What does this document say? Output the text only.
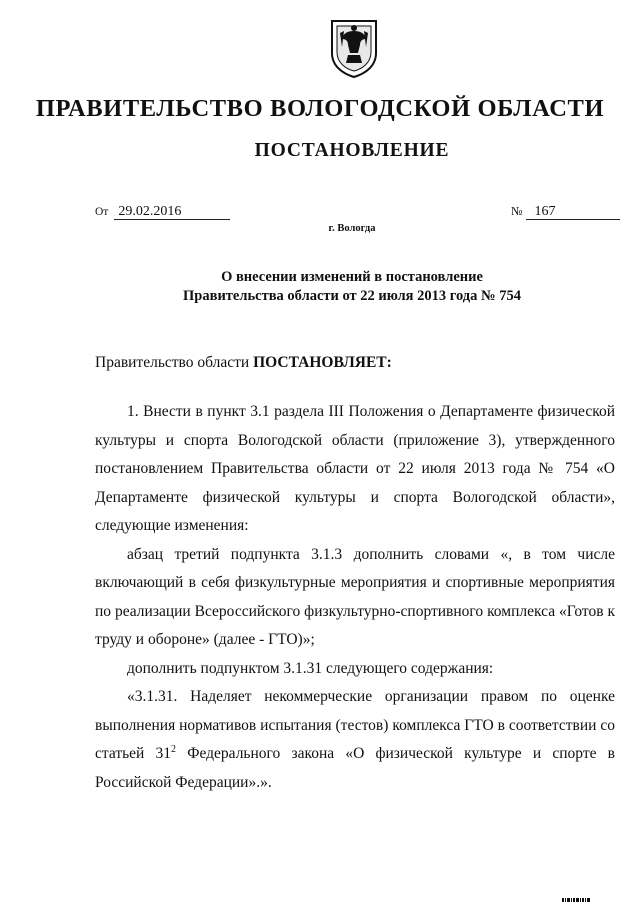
ПРАВИТЕЛЬСТВО ВОЛОГОДСКОЙ ОБЛАСТИ
ПОСТАНОВЛЕНИЕ
От 29.02.2016	№ 167
г. Вологда
О внесении изменений в постановление
Правительства области от 22 июля 2013 года № 754
Правительство области ПОСТАНОВЛЯЕТ:

1. Внести в пункт 3.1 раздела III Положения о Департаменте физической культуры и спорта Вологодской области (приложение 3), утвержденного постановлением Правительства области от 22 июля 2013 года № 754 «О Департаменте физической культуры и спорта Вологодской области», следующие изменения:

абзац третий подпункта 3.1.3 дополнить словами «, в том числе включающий в себя физкультурные мероприятия и спортивные мероприятия по реализации Всероссийского физкультурно-спортивного комплекса «Готов к труду и обороне» (далее - ГТО)»;

дополнить подпунктом 3.1.31 следующего содержания:

«3.1.31. Наделяет некоммерческие организации правом по оценке выполнения нормативов испытания (тестов) комплекса ГТО в соответствии со статьей $31^2$ Федерального закона «О физической культуре и спорте в Российской Федерации».».
